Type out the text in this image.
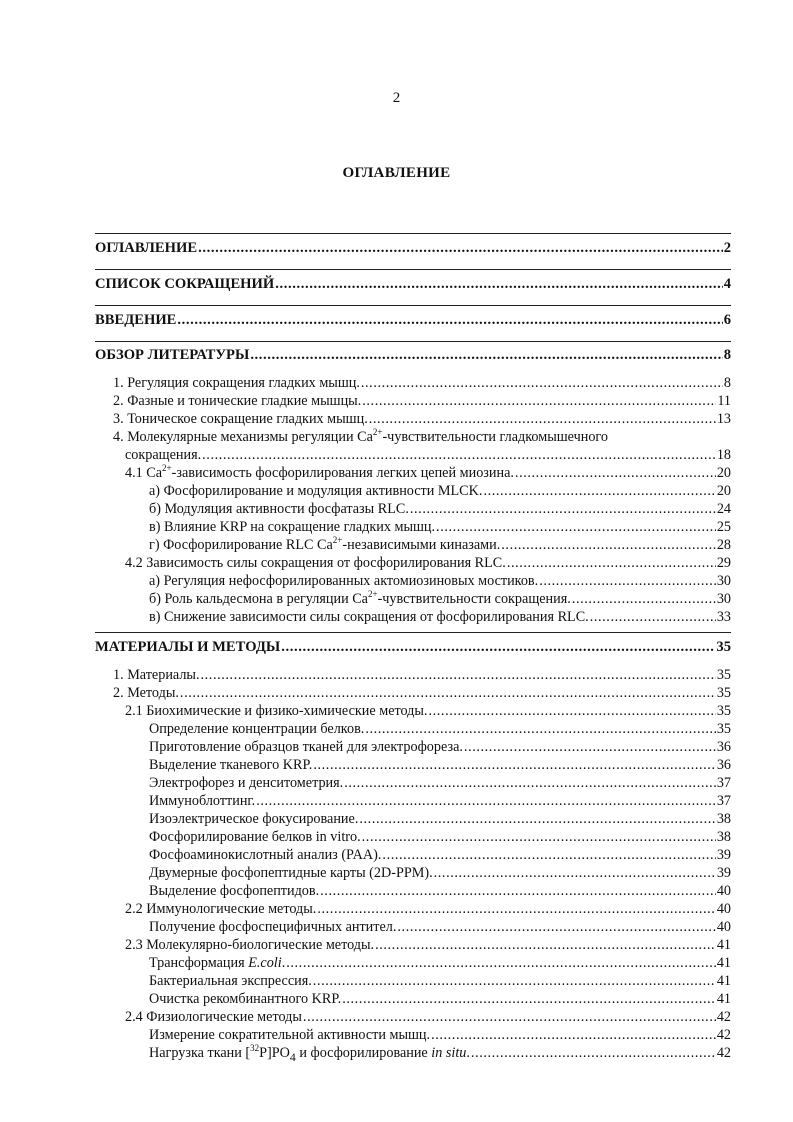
2
ОГЛАВЛЕНИЕ
ОГЛАВЛЕНИЕ .....	2
СПИСОК СОКРАЩЕНИЙ .....	4
ВВЕДЕНИЕ .....	6
ОБЗОР ЛИТЕРАТУРЫ .....	8
1. Регуляция сокращения гладких мышц. .....	8
2. Фазные и тонические гладкие мышцы. .....	11
3. Тоническое сокращение гладких мышц. .....	13
4. Молекулярные механизмы регуляции $Ca^{2+}$-чувствительности гладкомышечного
сокращения. .....	18
4.1 $Ca^{2+}$-зависимость фосфорилирования легких цепей миозина. .....	20
а) Фосфорилирование и модуляция активности MLCK. .....	20
б) Модуляция активности фосфатазы RLC. .....	24
в) Влияние KRP на сокращение гладких мышц. .....	25
г) Фосфорилирование RLC $Ca^{2+}$-независимыми киназами. .....	28
4.2 Зависимость силы сокращения от фосфорилирования RLC. .....	29
а) Регуляция нефосфорилированных актомиозиновых мостиков. .....	30
б) Роль кальдесмона в регуляции $Ca^{2+}$-чувствительности сокращения. .....	30
в) Снижение зависимости силы сокращения от фосфорилирования RLC. .....	33
МАТЕРИАЛЫ И МЕТОДЫ .....	35
1. Материалы. .....	35
2. Методы. .....	35
2.1 Биохимические и физико-химические методы. .....	35
Определение концентрации белков. .....	35
Приготовление образцов тканей для электрофореза. .....	36
Выделение тканевого KRP. .....	36
Электрофорез и денситометрия. .....	37
Иммуноблоттинг. .....	37
Изоэлектрическое фокусирование. .....	38
Фосфорилирование белков in vitro. .....	38
Фосфоаминокислотный анализ (PAA). .....	39
Двумерные фосфопептидные карты (2D-PPM). .....	39
Выделение фосфопептидов. .....	40
2.2 Иммунологические методы. .....	40
Получение фосфоспецифичных антител. .....	40
2.3 Молекулярно-биологические методы. .....	41
Трансформация E.coli. .....	41
Бактериальная экспрессия. .....	41
Очистка рекомбинантного KRP. .....	41
2.4 Физиологические методы .....	42
Измерение сократительной активности мышц. .....	42
Нагрузка ткани $[^{32}P]PO_4$ и фосфорилирование in situ. .....	42
